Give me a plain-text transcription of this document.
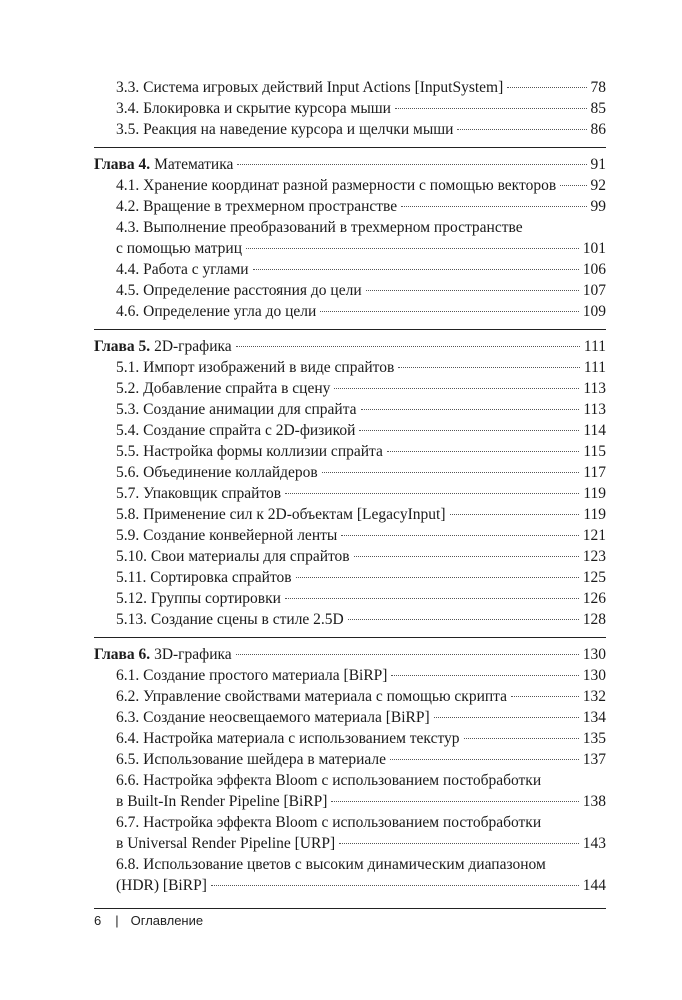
3.3. Система игровых действий Input Actions [InputSystem]	78
3.4. Блокировка и скрытие курсора мыши	85
3.5. Реакция на наведение курсора и щелчки мыши	86
Глава 4. Математика	91
4.1. Хранение координат разной размерности с помощью векторов 92
4.2. Вращение в трехмерном пространстве	99
4.3. Выполнение преобразований в трехмерном пространстве
с помощью матриц	101
4.4. Работа с углами	106
4.5. Определение расстояния до цели	107
4.6. Определение угла до цели	109
Глава 5. 2D-графика	111
5.1. Импорт изображений в виде спрайтов	111
5.2. Добавление спрайта в сцену	113
5.3. Создание анимации для спрайта	113
5.4. Создание спрайта с 2D-физикой	114
5.5. Настройка формы коллизии спрайта	115
5.6. Объединение коллайдеров	117
5.7. Упаковщик спрайтов	119
5.8. Применение сил к 2D-объектам [LegacyInput]	119
5.9. Создание конвейерной ленты	121
5.10. Свои материалы для спрайтов	123
5.11. Сортировка спрайтов	125
5.12. Группы сортировки	126
5.13. Создание сцены в стиле 2.5D	128
Глава 6. 3D-графика	130
6.1. Создание простого материала [BiRP]	130
6.2. Управление свойствами материала с помощью скрипта	132
6.3. Создание неосвещаемого материала [BiRP]	134
6.4. Настройка материала с использованием текстур	135
6.5. Использование шейдера в материале	137
6.6. Настройка эффекта Bloom с использованием постобработки
в Built-In Render Pipeline [BiRP]	138
6.7. Настройка эффекта Bloom с использованием постобработки
в Universal Render Pipeline [URP]	143
6.8. Использование цветов с высоким динамическим диапазоном
(HDR) [BiRP]	144
6 | Оглавление
